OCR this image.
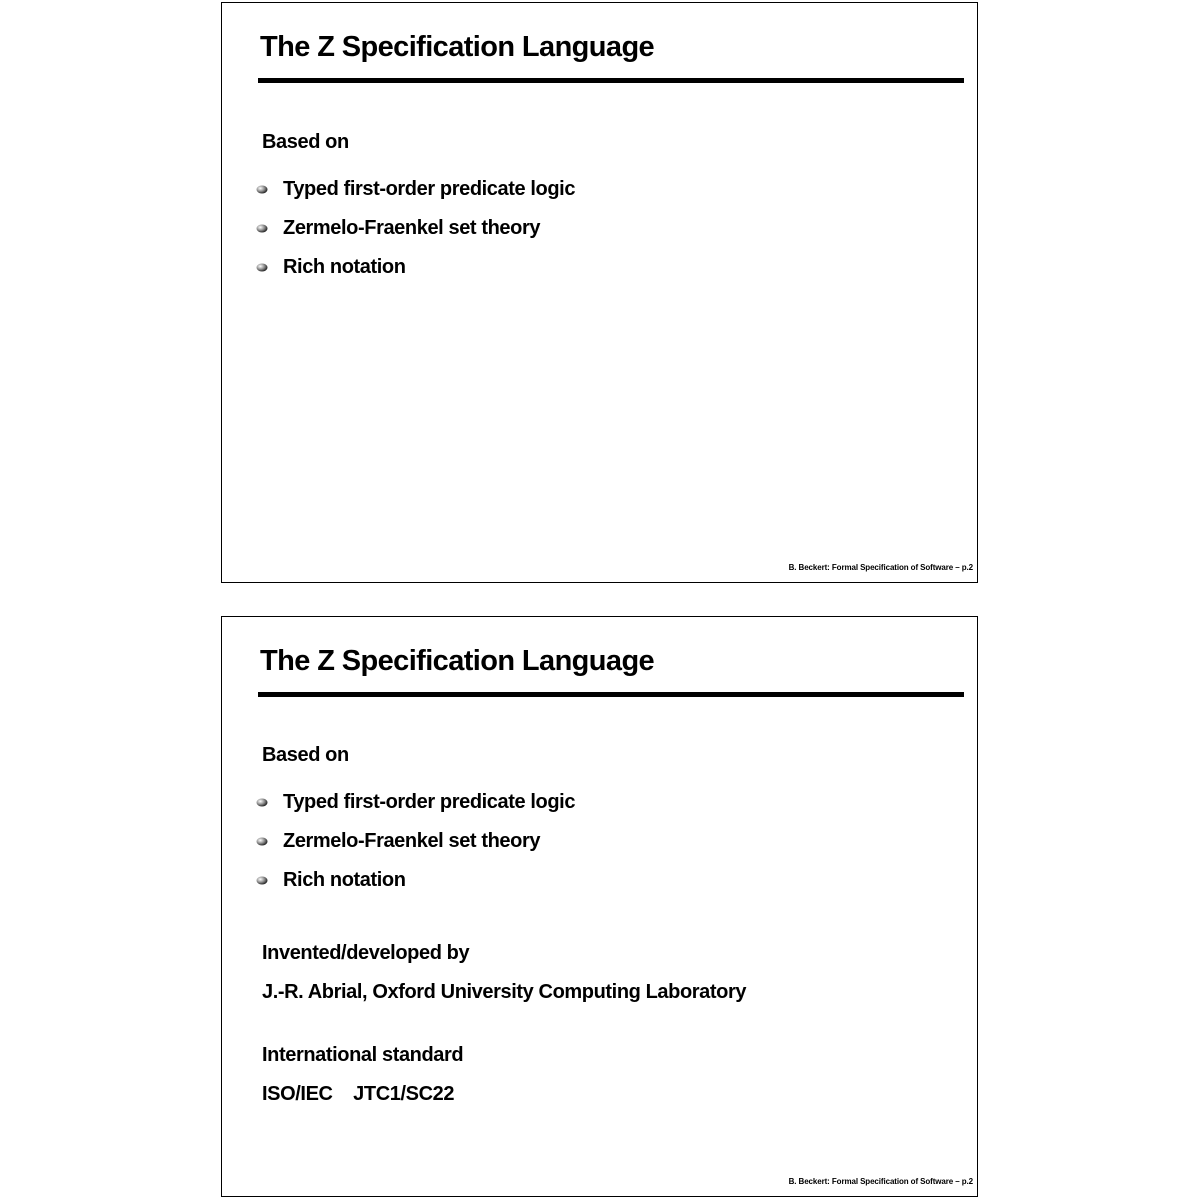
The Z Specification Language
Based on
Typed first-order predicate logic
Zermelo-Fraenkel set theory
Rich notation
B. Beckert: Formal Specification of Software – p.2
The Z Specification Language
Based on
Typed first-order predicate logic
Zermelo-Fraenkel set theory
Rich notation
Invented/developed by
J.-R. Abrial, Oxford University Computing Laboratory
International standard
ISO/IEC    JTC1/SC22
B. Beckert: Formal Specification of Software – p.2
